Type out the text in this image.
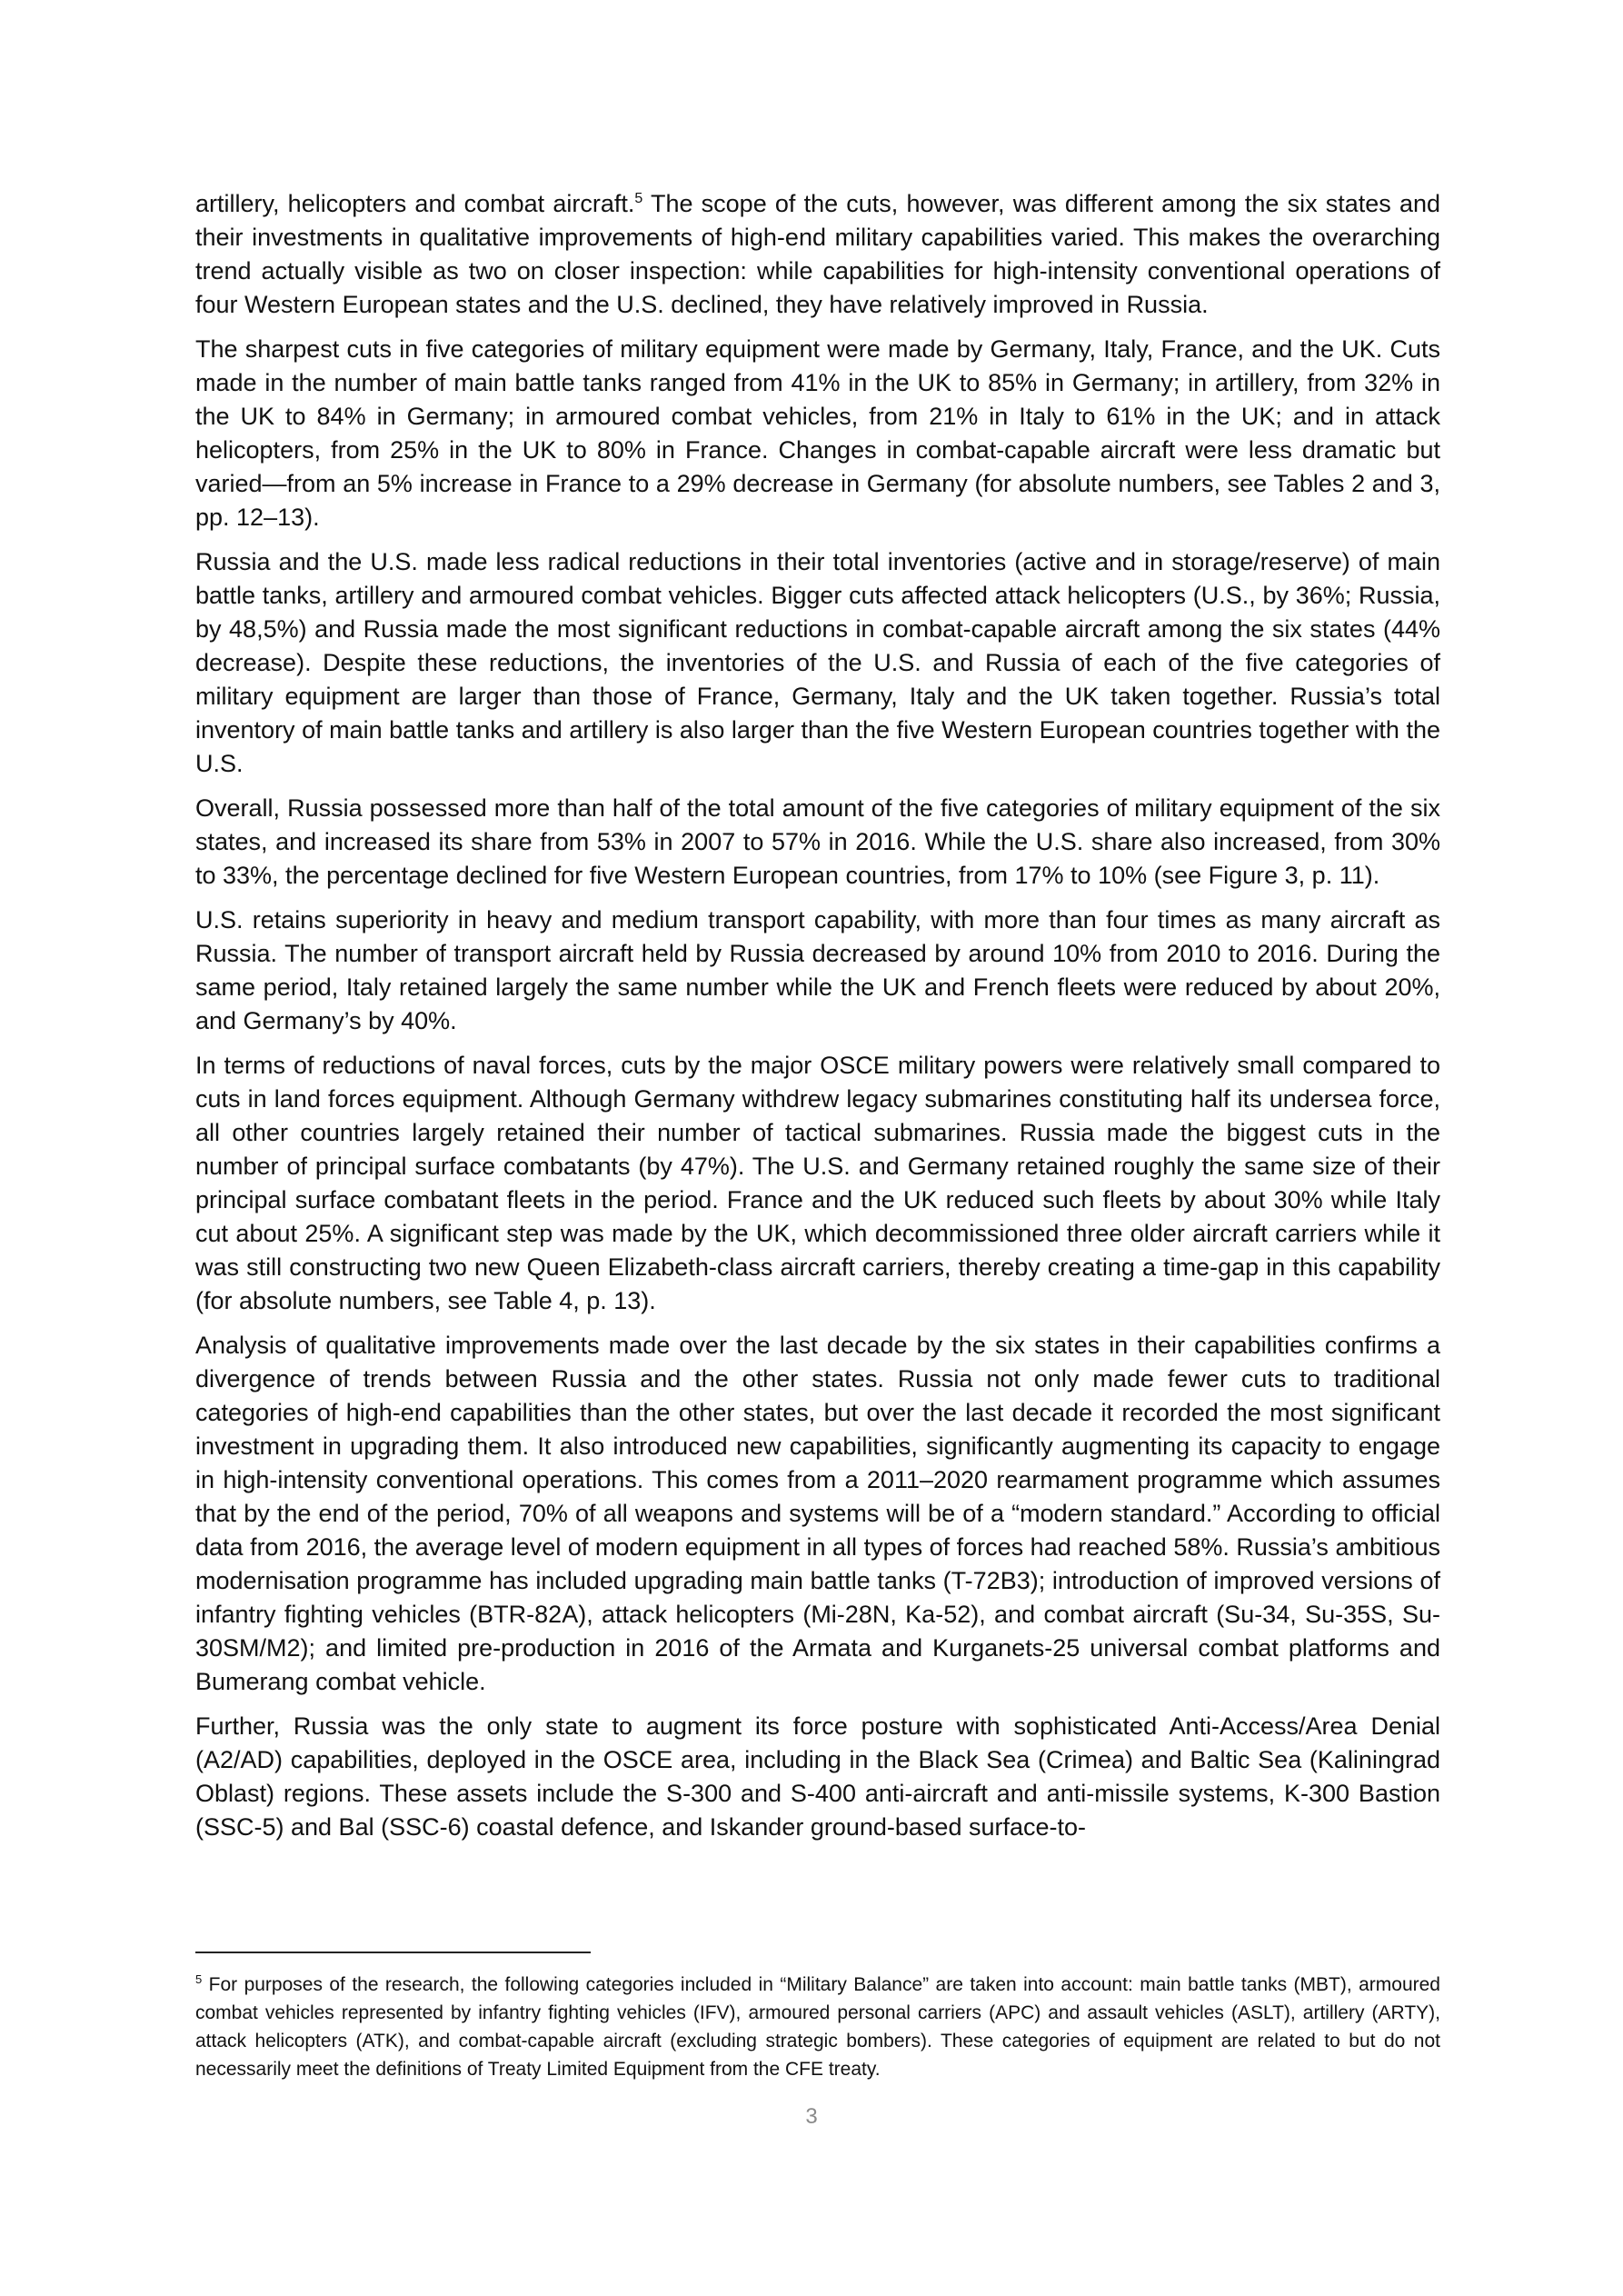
artillery, helicopters and combat aircraft.$^5$ The scope of the cuts, however, was different among the six states and their investments in qualitative improvements of high-end military capabilities varied. This makes the overarching trend actually visible as two on closer inspection: while capabilities for high-intensity conventional operations of four Western European states and the U.S. declined, they have relatively improved in Russia.

The sharpest cuts in five categories of military equipment were made by Germany, Italy, France, and the UK. Cuts made in the number of main battle tanks ranged from 41% in the UK to 85% in Germany; in artillery, from 32% in the UK to 84% in Germany; in armoured combat vehicles, from 21% in Italy to 61% in the UK; and in attack helicopters, from 25% in the UK to 80% in France. Changes in combat-capable aircraft were less dramatic but varied—from an 5% increase in France to a 29% decrease in Germany (for absolute numbers, see Tables 2 and 3, pp. 12–13).

Russia and the U.S. made less radical reductions in their total inventories (active and in storage/reserve) of main battle tanks, artillery and armoured combat vehicles. Bigger cuts affected attack helicopters (U.S., by 36%; Russia, by 48,5%) and Russia made the most significant reductions in combat-capable aircraft among the six states (44% decrease). Despite these reductions, the inventories of the U.S. and Russia of each of the five categories of military equipment are larger than those of France, Germany, Italy and the UK taken together. Russia’s total inventory of main battle tanks and artillery is also larger than the five Western European countries together with the U.S.

Overall, Russia possessed more than half of the total amount of the five categories of military equipment of the six states, and increased its share from 53% in 2007 to 57% in 2016. While the U.S. share also increased, from 30% to 33%, the percentage declined for five Western European countries, from 17% to 10% (see Figure 3, p. 11).

U.S. retains superiority in heavy and medium transport capability, with more than four times as many aircraft as Russia. The number of transport aircraft held by Russia decreased by around 10% from 2010 to 2016. During the same period, Italy retained largely the same number while the UK and French fleets were reduced by about 20%, and Germany’s by 40%.

In terms of reductions of naval forces, cuts by the major OSCE military powers were relatively small compared to cuts in land forces equipment. Although Germany withdrew legacy submarines constituting half its undersea force, all other countries largely retained their number of tactical submarines. Russia made the biggest cuts in the number of principal surface combatants (by 47%). The U.S. and Germany retained roughly the same size of their principal surface combatant fleets in the period. France and the UK reduced such fleets by about 30% while Italy cut about 25%. A significant step was made by the UK, which decommissioned three older aircraft carriers while it was still constructing two new Queen Elizabeth-class aircraft carriers, thereby creating a time-gap in this capability (for absolute numbers, see Table 4, p. 13).

Analysis of qualitative improvements made over the last decade by the six states in their capabilities confirms a divergence of trends between Russia and the other states. Russia not only made fewer cuts to traditional categories of high-end capabilities than the other states, but over the last decade it recorded the most significant investment in upgrading them. It also introduced new capabilities, significantly augmenting its capacity to engage in high-intensity conventional operations. This comes from a 2011–2020 rearmament programme which assumes that by the end of the period, 70% of all weapons and systems will be of a “modern standard.” According to official data from 2016, the average level of modern equipment in all types of forces had reached 58%. Russia’s ambitious modernisation programme has included upgrading main battle tanks (T-72B3); introduction of improved versions of infantry fighting vehicles (BTR-82A), attack helicopters (Mi-28N, Ka-52), and combat aircraft (Su-34, Su-35S, Su-30SM/M2); and limited pre-production in 2016 of the Armata and Kurganets-25 universal combat platforms and Bumerang combat vehicle.

Further, Russia was the only state to augment its force posture with sophisticated Anti-Access/Area Denial (A2/AD) capabilities, deployed in the OSCE area, including in the Black Sea (Crimea) and Baltic Sea (Kaliningrad Oblast) regions. These assets include the S-300 and S-400 anti-aircraft and anti-missile systems, K-300 Bastion (SSC-5) and Bal (SSC-6) coastal defence, and Iskander ground-based surface-to-

$^5$ For purposes of the research, the following categories included in “Military Balance” are taken into account: main battle tanks (MBT), armoured combat vehicles represented by infantry fighting vehicles (IFV), armoured personal carriers (APC) and assault vehicles (ASLT), artillery (ARTY), attack helicopters (ATK), and combat-capable aircraft (excluding strategic bombers). These categories of equipment are related to but do not necessarily meet the definitions of Treaty Limited Equipment from the CFE treaty.
3
